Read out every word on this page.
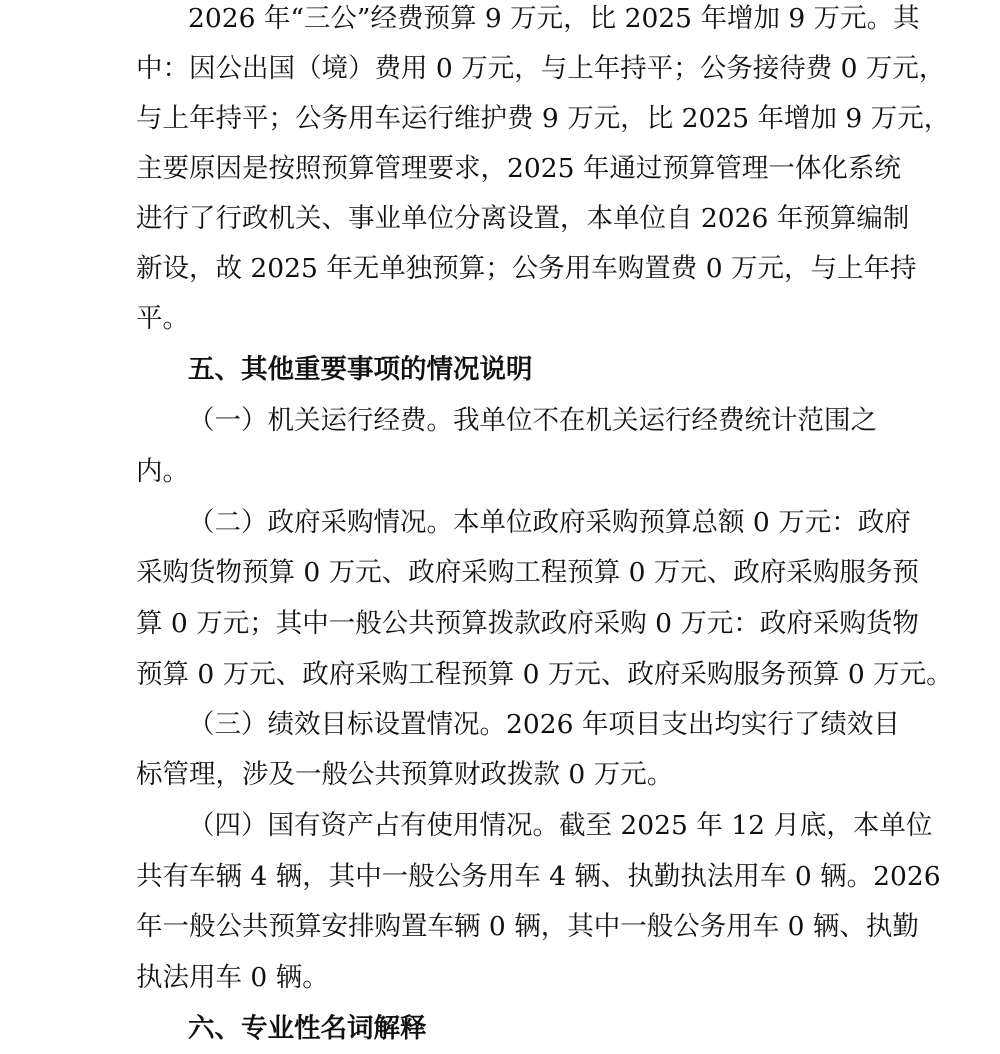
2026 年“三公”经费预算 9 万元，比 2025 年增加 9 万元。其
中：因公出国（境）费用 0 万元，与上年持平；公务接待费 0 万元，
与上年持平；公务用车运行维护费 9 万元，比 2025 年增加 9 万元，
主要原因是按照预算管理要求，2025 年通过预算管理一体化系统
进行了行政机关、事业单位分离设置，本单位自 2026 年预算编制
新设，故 2025 年无单独预算；公务用车购置费 0 万元，与上年持
平。
五、其他重要事项的情况说明
（一）机关运行经费。我单位不在机关运行经费统计范围之
内。
（二）政府采购情况。本单位政府采购预算总额 0 万元：政府
采购货物预算 0 万元、政府采购工程预算 0 万元、政府采购服务预
算 0 万元；其中一般公共预算拨款政府采购 0 万元：政府采购货物
预算 0 万元、政府采购工程预算 0 万元、政府采购服务预算 0 万元。
（三）绩效目标设置情况。2026 年项目支出均实行了绩效目
标管理，涉及一般公共预算财政拨款 0 万元。
（四）国有资产占有使用情况。截至 2025 年 12 月底，本单位
共有车辆 4 辆，其中一般公务用车 4 辆、执勤执法用车 0 辆。2026
年一般公共预算安排购置车辆 0 辆，其中一般公务用车 0 辆、执勤
执法用车 0 辆。
六、专业性名词解释
